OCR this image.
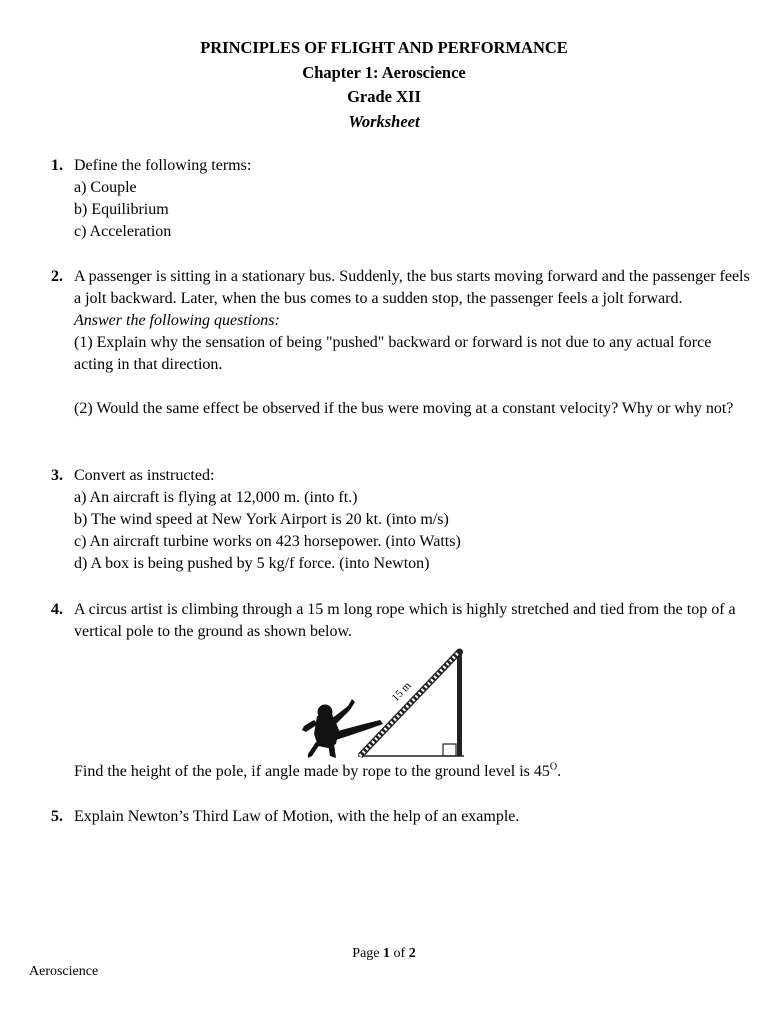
PRINCIPLES OF FLIGHT AND PERFORMANCE
Chapter 1: Aeroscience
Grade XII
Worksheet
1. Define the following terms:
a) Couple
b) Equilibrium
c) Acceleration
2. A passenger is sitting in a stationary bus. Suddenly, the bus starts moving forward and the passenger feels a jolt backward. Later, when the bus comes to a sudden stop, the passenger feels a jolt forward.
Answer the following questions:
(1) Explain why the sensation of being "pushed" backward or forward is not due to any actual force acting in that direction.
(2) Would the same effect be observed if the bus were moving at a constant velocity? Why or why not?
3. Convert as instructed:
a) An aircraft is flying at 12,000 m. (into ft.)
b) The wind speed at New York Airport is 20 kt. (into m/s)
c) An aircraft turbine works on 423 horsepower. (into Watts)
d) A box is being pushed by 5 kg/f force. (into Newton)
4. A circus artist is climbing through a 15 m long rope which is highly stretched and tied from the top of a vertical pole to the ground as shown below.
15 m
Find the height of the pole, if angle made by rope to the ground level is $45^O$.
5. Explain Newton’s Third Law of Motion, with the help of an example.
Page 1 of 2
Aeroscience
